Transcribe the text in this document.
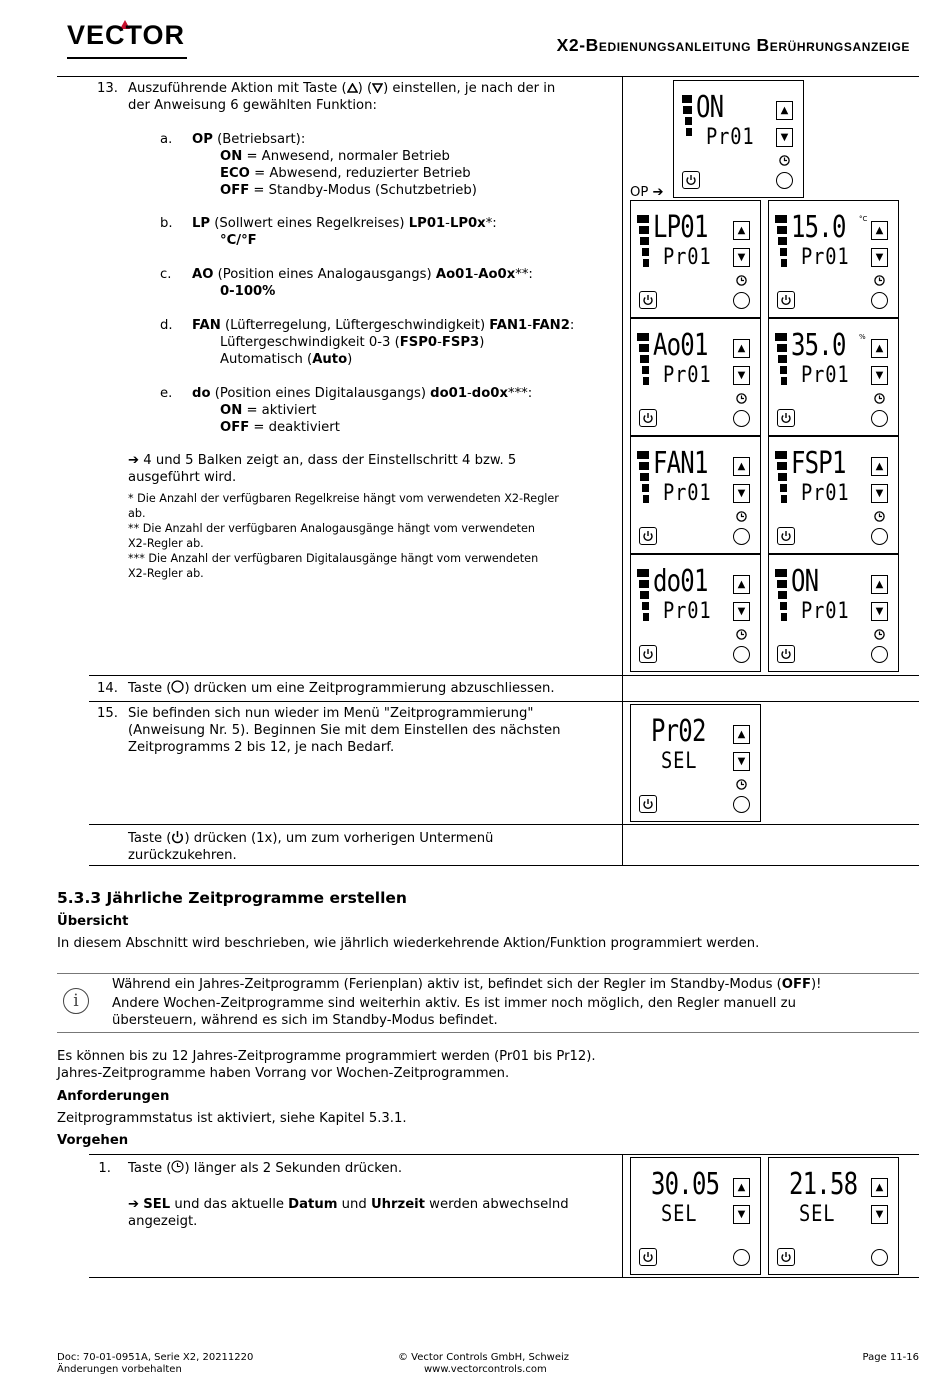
VECTOR	X2-Bedienungsanleitung Berührungsanzeige
13. Auszuführende Aktion mit Taste ( ) ( ) einstellen, je nach der in
der Anweisung 6 gewählten Funktion:
a. OP (Betriebsart):
ON = Anwesend, normaler Betrieb
ECO = Abwesend, reduzierter Betrieb
OFF = Standby-Modus (Schutzbetrieb)
b. LP (Sollwert eines Regelkreises) LP01-LP0x*:
°C/°F
c. AO (Position eines Analogausgangs) Ao01-Ao0x**:
0-100%
d. FAN (Lüfterregelung, Lüftergeschwindigkeit) FAN1-FAN2:
Lüftergeschwindigkeit 0-3 (FSP0-FSP3)
Automatisch (Auto)
e. do (Position eines Digitalausgangs) do01-do0x***:
ON = aktiviert
OFF = deaktiviert
➔ 4 und 5 Balken zeigt an, dass der Einstellschritt 4 bzw. 5
ausgeführt wird.
* Die Anzahl der verfügbaren Regelkreise hängt vom verwendeten X2-Regler
ab.
** Die Anzahl der verfügbaren Analogausgänge hängt vom verwendeten
X2-Regler ab.
*** Die Anzahl der verfügbaren Digitalausgänge hängt vom verwendeten
X2-Regler ab.
OP ➔
ON
Pr01
▲
▼
LP01
Pr01
▲
▼
15.0 °C
Pr01
▲
▼
Ao01
Pr01
▲
▼
35.0 %
Pr01
▲
▼
FAN1
Pr01
▲
▼
FSP1
Pr01
▲
▼
do01
Pr01
▲
▼
ON
Pr01
▲
▼
Pr02
SEL
▲
▼
30.05
SEL
▲
▼
21.58
SEL
▲
▼
14. Taste ( ) drücken um eine Zeitprogrammierung abzuschliessen.
15. Sie befinden sich nun wieder im Menü "Zeitprogrammierung"
(Anweisung Nr. 5). Beginnen Sie mit dem Einstellen des nächsten
Zeitprogramms 2 bis 12, je nach Bedarf.
Taste ( ) drücken (1x), um zum vorherigen Untermenü
zurückzukehren.
5.3.3 Jährliche Zeitprogramme erstellen
Übersicht
In diesem Abschnitt wird beschrieben, wie jährlich wiederkehrende Aktion/Funktion programmiert werden.
i
Während ein Jahres-Zeitprogramm (Ferienplan) aktiv ist, befindet sich der Regler im Standby-Modus (OFF)!
Andere Wochen-Zeitprogramme sind weiterhin aktiv. Es ist immer noch möglich, den Regler manuell zu
übersteuern, während es sich im Standby-Modus befindet.
Es können bis zu 12 Jahres-Zeitprogramme programmiert werden (Pr01 bis Pr12).
Jahres-Zeitprogramme haben Vorrang vor Wochen-Zeitprogrammen.
Anforderungen
Zeitprogrammstatus ist aktiviert, siehe Kapitel 5.3.1.
Vorgehen
1. Taste ( ) länger als 2 Sekunden drücken.
➔ SEL und das aktuelle Datum und Uhrzeit werden abwechselnd
angezeigt.
Doc: 70-01-0951A, Serie X2, 20211220
Änderungen vorbehalten
© Vector Controls GmbH, Schweiz
www.vectorcontrols.com
Page 11-16
